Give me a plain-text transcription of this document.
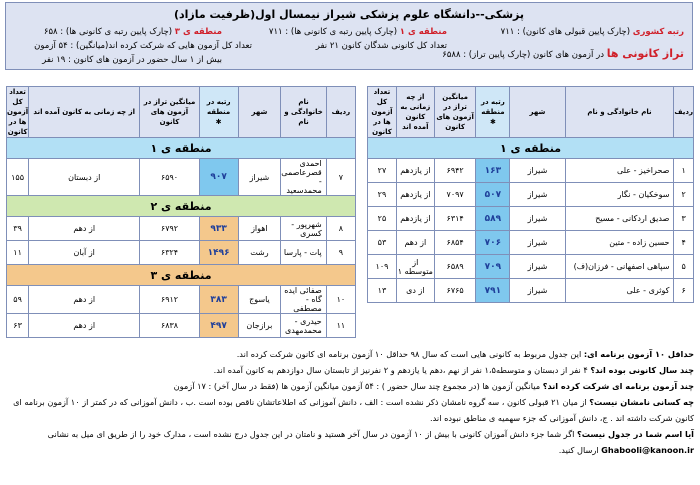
پزشکی--دانشگاه علوم پزشکی شیراز نیمسال اول(ظرفیت مازاد)
رتبه کشوری (چارک پایین قبولی های کانون) : ۷۱۱
منطقه ی ۱ (چارک پایین رتبه ی کانونی ها) : ۷۱۱
منطقه ی ۳ (چارک پایین رتبه ی کانونی ها) : ۶۵۸
تراز کانونی ها در آزمون های کانون (چارک پایین تراز) : ۶۵۸۸
تعداد کل کانونی شدگان کانون ۲۱ نفر
تعداد کل آزمون هایی که شرکت کرده اند(میانگین) : ۵۴ آزمون
بیش از ۱ سال حضور در آزمون های کانون : ۱۹ نفر
ردیف	نام خانوادگی و نام	شهر	رتبه در منطقه
✱	میانگین تراز در آزمون های کانون	از چه زمانی به کانون آمده اند	تعداد کل آزمون ها در کانون
منطقه ی ۱						
۱	صحراخیز - علی	شیراز	۱۶۳	۶۹۴۲	از یازدهم	۲۷
۲	سوخکیان - نگار	شیراز	۵۰۷	۷۰۹۷	از یازدهم	۲۹
۳	صدیق اردکانی - مسیح	شیراز	۵۸۹	۶۳۱۴	از یازدهم	۲۵
۴	حسین زاده - متین	شیراز	۷۰۶	۶۸۵۴	از دهم	۵۳
۵	سپاهی اصفهانی - فرزان(ف)	شیراز	۷۰۹	۶۵۸۹	از متوسطه ۱	۱۰۹
۶	کوثری - علی	شیراز	۷۹۱	۶۷۶۵	از دی	۱۳
ردیف	نام خانوادگی و نام	شهر	رتبه در منطقه
✱	میانگین تراز در آزمون های کانون	از چه زمانی به کانون آمده اند	تعداد کل آزمون ها در کانون
منطقه ی ۱						
۷	احمدی قصرعاصمی - محمدسعید	شیراز	۹۰۷	۶۵۹۰	از دبستان	۱۵۵
منطقه ی ۲						
۸	شهرپور - کسری	اهواز	۹۳۳	۶۷۹۲	از دهم	۳۹
۹	پات - پارسا	رشت	۱۴۹۶	۶۳۲۴	از آبان	۱۱
منطقه ی ۳						
۱۰	صفائی ایده گاه - مصطفی	یاسوج	۳۸۳	۶۹۱۲	از دهم	۵۹
۱۱	حیدری - محمدمهدی	برازجان	۴۹۷	۶۸۳۸	از دهم	۶۳
حداقل ۱۰ آزمون برنامه ای: این جدول مربوط به کانونی هایی است که سال ۹۸ حداقل ۱۰ آزمون برنامه ای کانون شرکت کرده اند.
چند سال کانونی بوده اند؟ ۴ نفر از دبستان و متوسطه۱،۵ نفر از نهم ،دهم یا یازدهم و ۲ نفرنیز از تابستان سال دوازدهم به کانون آمده اند.
چند آزمون برنامه ای شرکت کرده اند؟ میانگین آزمون ها (در مجموع چند سال حضور ) : ۵۴ آزمون میانگین آزمون ها (فقط در سال آخر) : ۱۷ آزمون
چه کسانی نامشان نیست؟ از میان ۲۱ قبولی کانون ، سه گروه نامشان ذکر نشده است : الف ، دانش آموزانی که اطلاعاتشان ناقص بوده است .ب ، دانش آموزانی که در کمتر از ۱۰ آزمون برنامه ای کانون شرکت داشته اند . ج، دانش آموزانی که جزء سهمیه ی مناطق نبوده اند.
آیا اسم شما در جدول نیست؟ اگر شما جزء دانش آموزان کانونی با بیش از ۱۰ آزمون در سال آخر هستید و نامتان در این جدول درج نشده است ، مدارک خود را از طریق ای میل به نشانی Ghabooli@kanoon.ir ارسال کنید.
